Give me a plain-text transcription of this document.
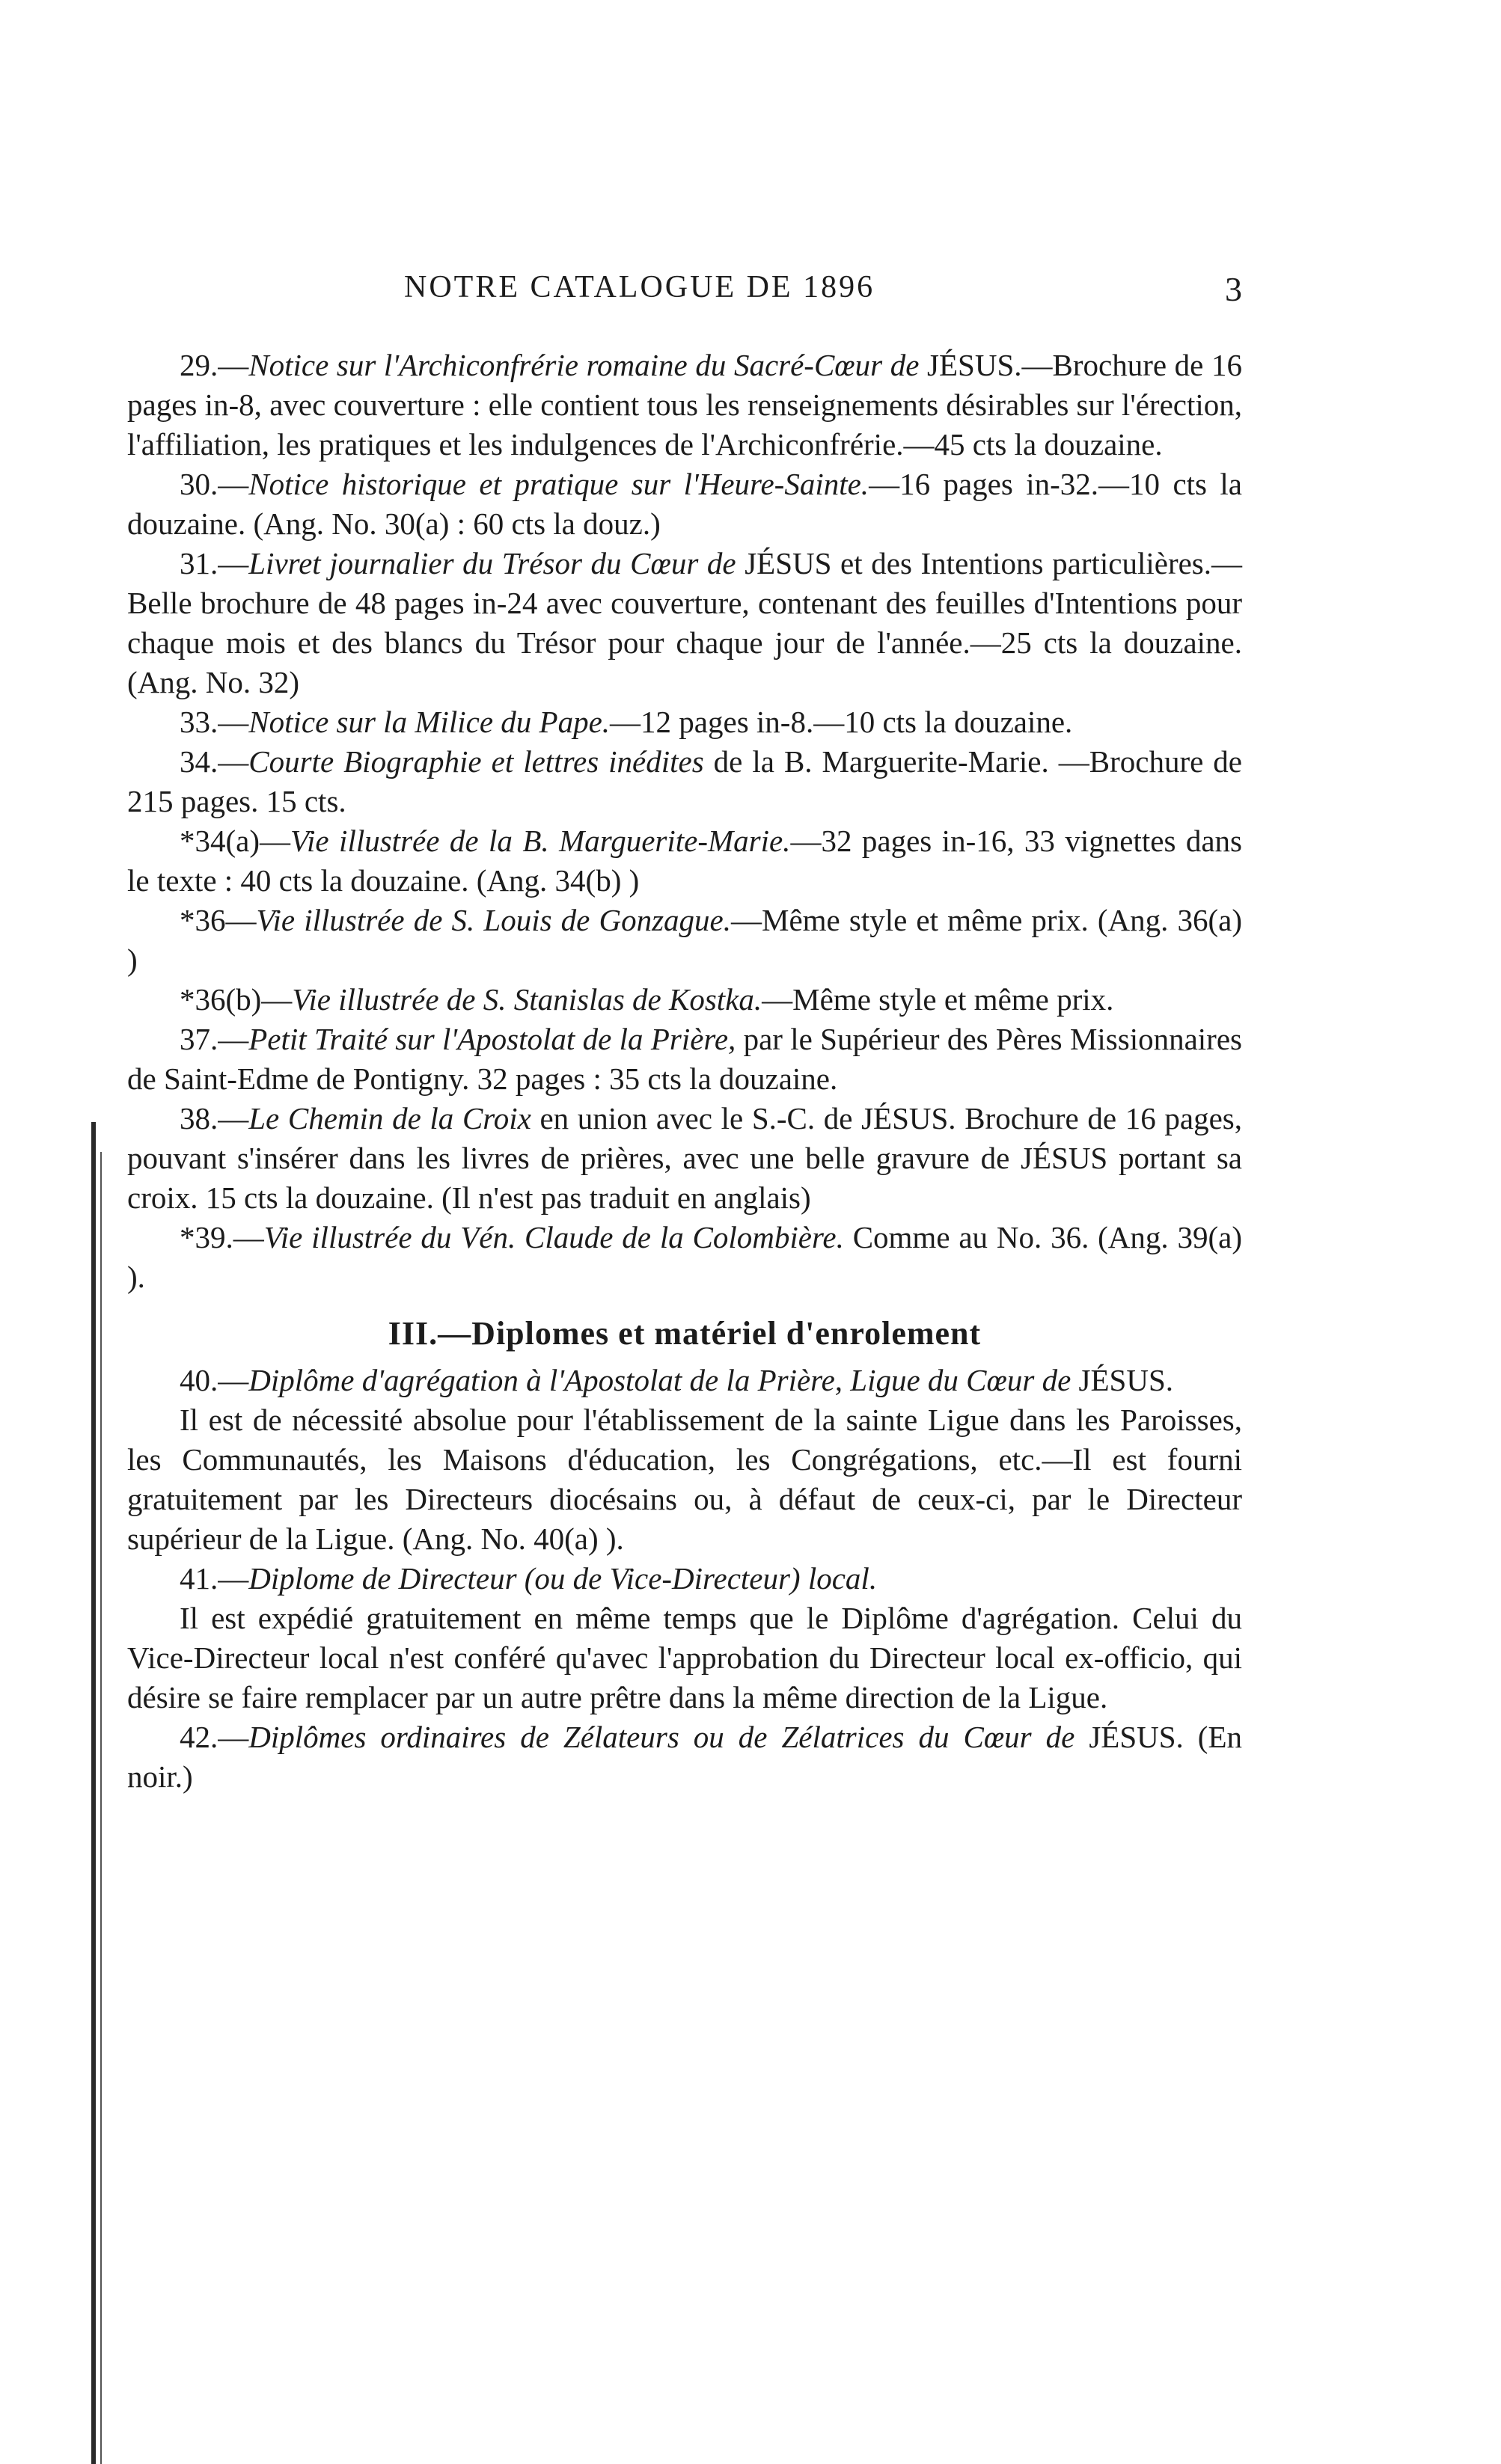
NOTRE CATALOGUE DE 1896	3

29.—Notice sur l'Archiconfrérie romaine du Sacré-Cœur de JÉSUS.—Brochure de 16 pages in-8, avec couverture : elle contient tous les renseignements désirables sur l'érection, l'affiliation, les pratiques et les indulgences de l'Archiconfrérie.—45 cts la douzaine.

30.—Notice historique et pratique sur l'Heure-Sainte.—16 pages in-32.—10 cts la douzaine. (Ang. No. 30(a) : 60 cts la douz.)

31.—Livret journalier du Trésor du Cœur de JÉSUS et des Intentions particulières.—Belle brochure de 48 pages in-24 avec couverture, contenant des feuilles d'Intentions pour chaque mois et des blancs du Trésor pour chaque jour de l'année.—25 cts la douzaine. (Ang. No. 32)

33.—Notice sur la Milice du Pape.—12 pages in-8.—10 cts la douzaine.

34.—Courte Biographie et lettres inédites de la B. Marguerite-Marie. —Brochure de 215 pages. 15 cts.

*34(a)—Vie illustrée de la B. Marguerite-Marie.—32 pages in-16, 33 vignettes dans le texte : 40 cts la douzaine. (Ang. 34(b) )

*36—Vie illustrée de S. Louis de Gonzague.—Même style et même prix. (Ang. 36(a) )

*36(b)—Vie illustrée de S. Stanislas de Kostka.—Même style et même prix.

37.—Petit Traité sur l'Apostolat de la Prière, par le Supérieur des Pères Missionnaires de Saint-Edme de Pontigny. 32 pages : 35 cts la douzaine.

38.—Le Chemin de la Croix en union avec le S.-C. de JÉSUS. Brochure de 16 pages, pouvant s'insérer dans les livres de prières, avec une belle gravure de JÉSUS portant sa croix. 15 cts la douzaine. (Il n'est pas traduit en anglais)

*39.—Vie illustrée du Vén. Claude de la Colombière. Comme au No. 36. (Ang. 39(a) ).

III.—Diplomes et matériel d'enrolement

40.—Diplôme d'agrégation à l'Apostolat de la Prière, Ligue du Cœur de JÉSUS.

Il est de nécessité absolue pour l'établissement de la sainte Ligue dans les Paroisses, les Communautés, les Maisons d'éducation, les Congrégations, etc.—Il est fourni gratuitement par les Directeurs diocésains ou, à défaut de ceux-ci, par le Directeur supérieur de la Ligue. (Ang. No. 40(a) ).

41.—Diplome de Directeur (ou de Vice-Directeur) local.

Il est expédié gratuitement en même temps que le Diplôme d'agrégation. Celui du Vice-Directeur local n'est conféré qu'avec l'approbation du Directeur local ex-officio, qui désire se faire remplacer par un autre prêtre dans la même direction de la Ligue.

42.—Diplômes ordinaires de Zélateurs ou de Zélatrices du Cœur de JÉSUS. (En noir.)
